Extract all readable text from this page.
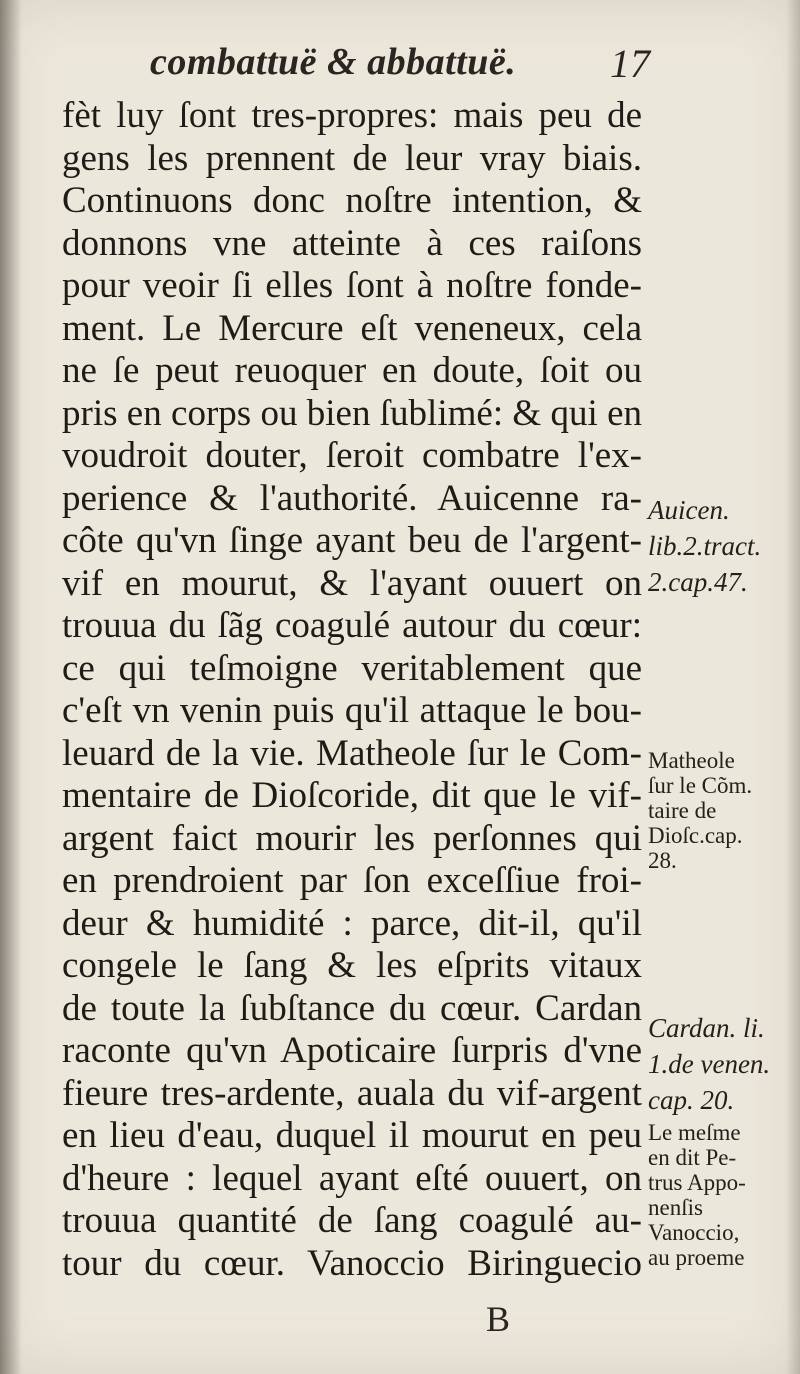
combattuë & abbattuë. 17
fèt luy ſont tres-propres: mais peu de
gens les prennent de leur vray biais.
Continuons donc noſtre intention, &
donnons vne atteinte à ces raiſons
pour veoir ſi elles ſont à noſtre fonde-
ment. Le Mercure eſt veneneux, cela
ne ſe peut reuoquer en doute, ſoit ou
pris en corps ou bien ſublimé: & qui en
voudroit douter, ſeroit combatre l'ex-
perience & l'authorité. Auicenne ra-
côte qu'vn ſinge ayant beu de l'argent-
vif en mourut, & l'ayant ouuert on
trouua du ſãg coagulé autour du cœur:
ce qui teſmoigne veritablement que
c'eſt vn venin puis qu'il attaque le bou-
leuard de la vie. Matheole ſur le Com-
mentaire de Dioſcoride, dit que le vif-
argent faict mourir les perſonnes qui
en prendroient par ſon exceſſiue froi-
deur & humidité : parce, dit-il, qu'il
congele le ſang & les eſprits vitaux
de toute la ſubſtance du cœur. Cardan
raconte qu'vn Apoticaire ſurpris d'vne
fieure tres-ardente, auala du vif-argent
en lieu d'eau, duquel il mourut en peu
d'heure : lequel ayant eſté ouuert, on
trouua quantité de ſang coagulé au-
tour du cœur. Vanoccio Biringuecio
Auicen.
lib.2.tract.
2.cap.47.
Matheole
ſur le Cõm.
taire de
Dioſc.cap.
28.
Cardan. li.
1.de venen.
cap. 20.
Le meſme
en dit Pe-
trus Appo-
nenſis
Vanoccio,
au proeme
B
